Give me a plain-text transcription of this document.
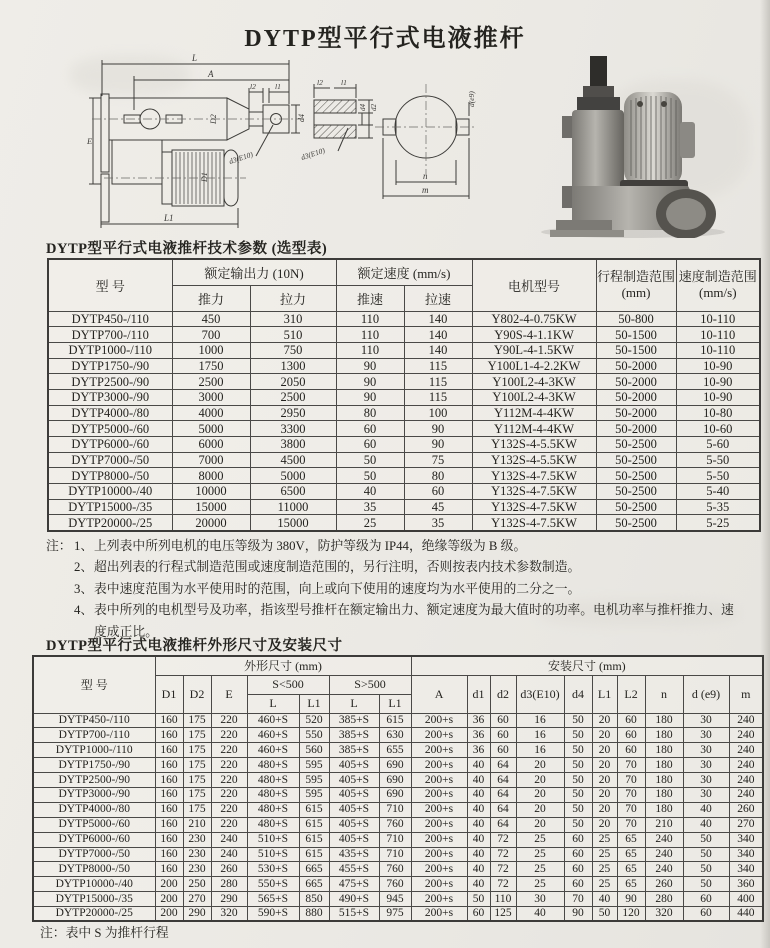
DYTP型平行式电液推杆
L
A
l2	l1
D2	d4
d3(E10)
E
D1
L1
l2 l1
d4 d2
d3(E10)
d(e9)
n
m
DYTP型平行式电液推杆技术参数 (选型表)
型 号	额定输出力 (10N)	额定速度 (mm/s)	电机型号	
行程制造范围
(mm)

速度制造范围
(mm/s)

	推力	拉力	推速	拉速			
DYTP450-/110	450	310	110	140	Y802-4-0.75KW	50-800	10-110
DYTP700-/110	700	510	110	140	Y90S-4-1.1KW	50-1500	10-110
DYTP1000-/110	1000	750	110	140	Y90L-4-1.5KW	50-1500	10-110
DYTP1750-/90	1750	1300	90	115	Y100L1-4-2.2KW	50-2000	10-90
DYTP2500-/90	2500	2050	90	115	Y100L2-4-3KW	50-2000	10-90
DYTP3000-/90	3000	2500	90	115	Y100L2-4-3KW	50-2000	10-90
DYTP4000-/80	4000	2950	80	100	Y112M-4-4KW	50-2000	10-80
DYTP5000-/60	5000	3300	60	90	Y112M-4-4KW	50-2000	10-60
DYTP6000-/60	6000	3800	60	90	Y132S-4-5.5KW	50-2500	5-60
DYTP7000-/50	7000	4500	50	75	Y132S-4-5.5KW	50-2500	5-50
DYTP8000-/50	8000	5000	50	80	Y132S-4-7.5KW	50-2500	5-50
DYTP10000-/40	10000	6500	40	60	Y132S-4-7.5KW	50-2500	5-40
DYTP15000-/35	15000	11000	35	45	Y132S-4-7.5KW	50-2500	5-35
DYTP20000-/25	20000	15000	25	35	Y132S-4-7.5KW	50-2500	5-25
注： 1、 上列表中所列电机的电压等级为 380V，防护等级为 IP44，绝缘等级为 B 级。
2、 超出列表的行程式制造范围或速度制造范围的，另行注明，否则按表内技术参数制造。
3、 表中速度范围为水平使用时的范围，向上或向下使用的速度均为水平使用的二分之一。
4、 表中所列的电机型号及功率，指该型号推杆在额定输出力、额定速度为最大值时的功率。电机功率与推杆推力、速度成正比。
DYTP型平行式电液推杆外形尺寸及安装尺寸
型 号	外形尺寸 (mm)							安装尺寸 (mm)									
	D1	D2	E	S<500		S>500		A	d1	d2	d3(E10)	d4	L1	L2	n	d (e9)	m
				L	L1	L	L1										
DYTP450-/110	160	175	220	460+S	520	385+S	615	200+s	36	60	16	50	20	60	180	30	240
DYTP700-/110	160	175	220	460+S	550	385+S	630	200+s	36	60	16	50	20	60	180	30	240
DYTP1000-/110	160	175	220	460+S	560	385+S	655	200+s	36	60	16	50	20	60	180	30	240
DYTP1750-/90	160	175	220	480+S	595	405+S	690	200+s	40	64	20	50	20	70	180	30	240
DYTP2500-/90	160	175	220	480+S	595	405+S	690	200+s	40	64	20	50	20	70	180	30	240
DYTP3000-/90	160	175	220	480+S	595	405+S	690	200+s	40	64	20	50	20	70	180	30	240
DYTP4000-/80	160	175	220	480+S	615	405+S	710	200+s	40	64	20	50	20	70	180	40	260
DYTP5000-/60	160	210	220	480+S	615	405+S	760	200+s	40	64	20	50	20	70	210	40	270
DYTP6000-/60	160	230	240	510+S	615	405+S	710	200+s	40	72	25	60	25	65	240	50	340
DYTP7000-/50	160	230	240	510+S	615	435+S	710	200+s	40	72	25	60	25	65	240	50	340
DYTP8000-/50	160	230	260	530+S	665	455+S	760	200+s	40	72	25	60	25	65	240	50	340
DYTP10000-/40	200	250	280	550+S	665	475+S	760	200+s	40	72	25	60	25	65	260	50	360
DYTP15000-/35	200	270	290	565+S	850	490+S	945	200+s	50	110	30	70	40	90	280	60	400
DYTP20000-/25	200	290	320	590+S	880	515+S	975	200+s	60	125	40	90	50	120	320	60	440
注：表中 S 为推杆行程
